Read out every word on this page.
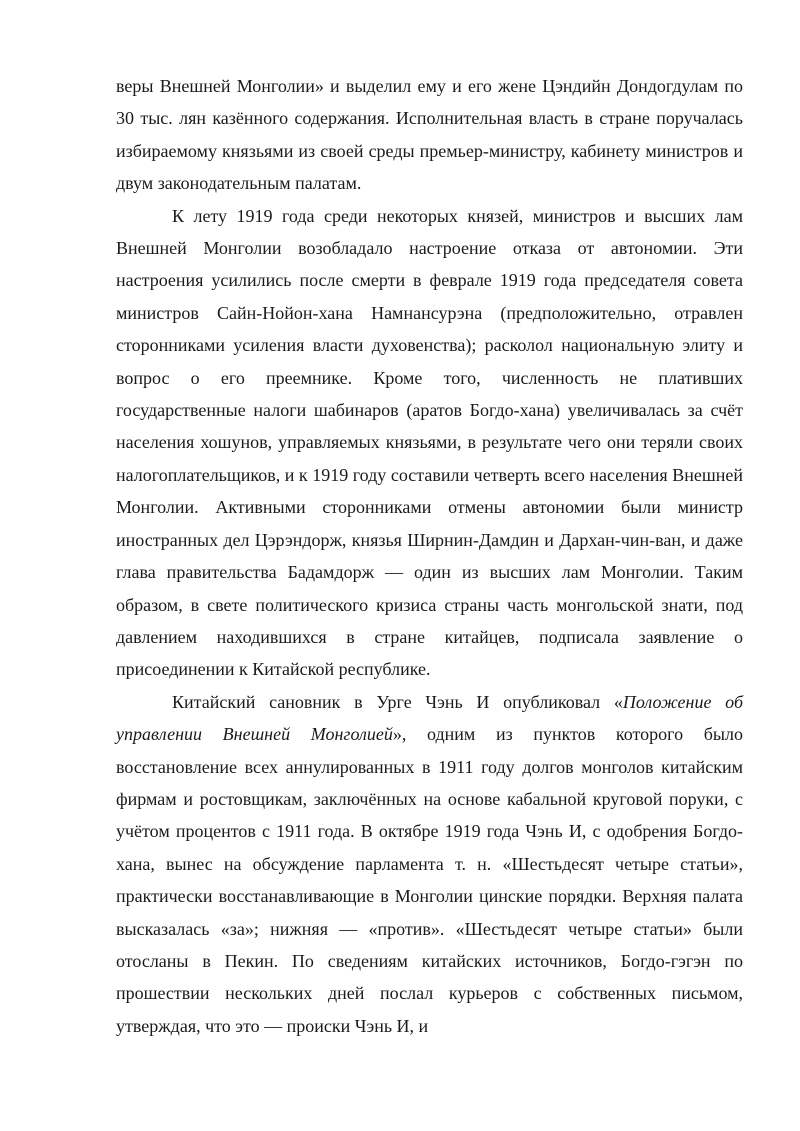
веры Внешней Монголии» и выделил ему и его жене Цэндийн Дондогдулам по 30 тыс. лян казённого содержания. Исполнительная власть в стране поручалась избираемому князьями из своей среды премьер-министру, кабинету министров и двум законодательным палатам.

К лету 1919 года среди некоторых князей, министров и высших лам Внешней Монголии возобладало настроение отказа от автономии. Эти настроения усилились после смерти в феврале 1919 года председателя совета министров Сайн-Нойон-хана Намнансурэна (предположительно, отравлен сторонниками усиления власти духовенства); расколол национальную элиту и вопрос о его преемнике. Кроме того, численность не плативших государственные налоги шабинаров (аратов Богдо-хана) увеличивалась за счёт населения хошунов, управляемых князьями, в результате чего они теряли своих налогоплательщиков, и к 1919 году составили четверть всего населения Внешней Монголии. Активными сторонниками отмены автономии были министр иностранных дел Цэрэндорж, князья Ширнин-Дамдин и Дархан-чин-ван, и даже глава правительства Бадамдорж — один из высших лам Монголии. Таким образом, в свете политического кризиса страны часть монгольской знати, под давлением находившихся в стране китайцев, подписала заявление о присоединении к Китайской республике.

Китайский сановник в Урге Чэнь И опубликовал «Положение об управлении Внешней Монголией», одним из пунктов которого было восстановление всех аннулированных в 1911 году долгов монголов китайским фирмам и ростовщикам, заключённых на основе кабальной круговой поруки, с учётом процентов с 1911 года. В октябре 1919 года Чэнь И, с одобрения Богдо-хана, вынес на обсуждение парламента т. н. «Шестьдесят четыре статьи», практически восстанавливающие в Монголии цинские порядки. Верхняя палата высказалась «за»; нижняя — «против». «Шестьдесят четыре статьи» были отосланы в Пекин. По сведениям китайских источников, Богдо-гэгэн по прошествии нескольких дней послал курьеров с собственных письмом, утверждая, что это — происки Чэнь И, и
